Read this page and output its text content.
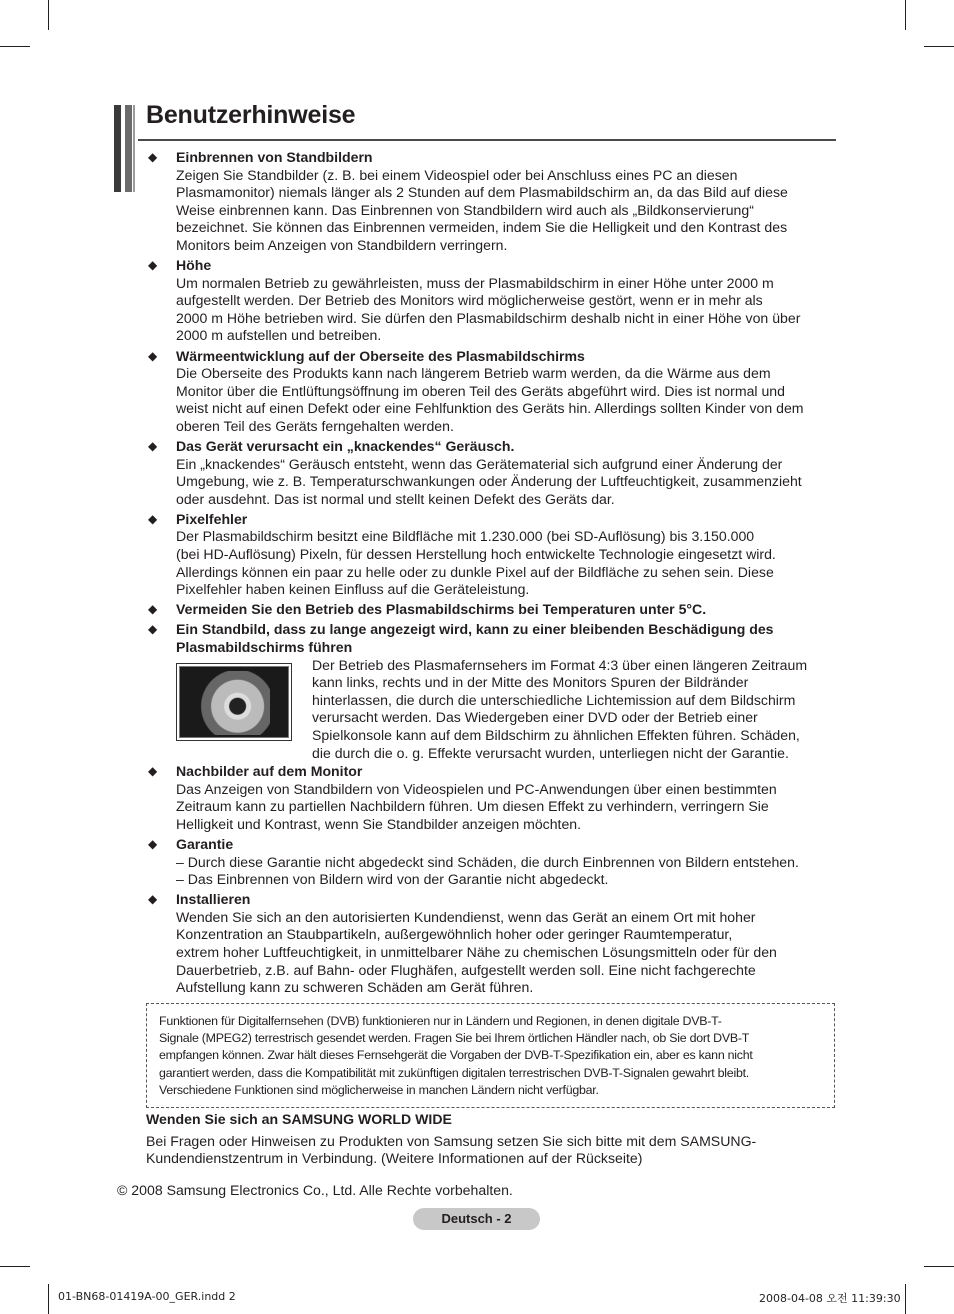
Benutzerhinweise
◆ Einbrennen von Standbildern
Zeigen Sie Standbilder (z. B. bei einem Videospiel oder bei Anschluss eines PC an diesen
Plasmamonitor) niemals länger als 2 Stunden auf dem Plasmabildschirm an, da das Bild auf diese
Weise einbrennen kann. Das Einbrennen von Standbildern wird auch als „Bildkonservierung“
bezeichnet. Sie können das Einbrennen vermeiden, indem Sie die Helligkeit und den Kontrast des
Monitors beim Anzeigen von Standbildern verringern.
◆ Höhe
Um normalen Betrieb zu gewährleisten, muss der Plasmabildschirm in einer Höhe unter 2000 m
aufgestellt werden. Der Betrieb des Monitors wird möglicherweise gestört, wenn er in mehr als
2000 m Höhe betrieben wird. Sie dürfen den Plasmabildschirm deshalb nicht in einer Höhe von über
2000 m aufstellen und betreiben.
◆ Wärmeentwicklung auf der Oberseite des Plasmabildschirms
Die Oberseite des Produkts kann nach längerem Betrieb warm werden, da die Wärme aus dem
Monitor über die Entlüftungsöffnung im oberen Teil des Geräts abgeführt wird. Dies ist normal und
weist nicht auf einen Defekt oder eine Fehlfunktion des Geräts hin. Allerdings sollten Kinder von dem
oberen Teil des Geräts ferngehalten werden.
◆ Das Gerät verursacht ein „knackendes“ Geräusch.
Ein „knackendes“ Geräusch entsteht, wenn das Gerätematerial sich aufgrund einer Änderung der
Umgebung, wie z. B. Temperaturschwankungen oder Änderung der Luftfeuchtigkeit, zusammenzieht
oder ausdehnt. Das ist normal und stellt keinen Defekt des Geräts dar.
◆ Pixelfehler
Der Plasmabildschirm besitzt eine Bildfläche mit 1.230.000 (bei SD-Auflösung) bis 3.150.000
(bei HD-Auflösung) Pixeln, für dessen Herstellung hoch entwickelte Technologie eingesetzt wird.
Allerdings können ein paar zu helle oder zu dunkle Pixel auf der Bildfläche zu sehen sein. Diese
Pixelfehler haben keinen Einfluss auf die Geräteleistung.
◆ Vermeiden Sie den Betrieb des Plasmabildschirms bei Temperaturen unter 5°C.
◆ Ein Standbild, dass zu lange angezeigt wird, kann zu einer bleibenden Beschädigung des Plasmabildschirms führen
Der Betrieb des Plasmafernsehers im Format 4:3 über einen längeren Zeitraum
kann links, rechts und in der Mitte des Monitors Spuren der Bildränder
hinterlassen, die durch die unterschiedliche Lichtemission auf dem Bildschirm
verursacht werden. Das Wiedergeben einer DVD oder der Betrieb einer
Spielkonsole kann auf dem Bildschirm zu ähnlichen Effekten führen. Schäden,
die durch die o. g. Effekte verursacht wurden, unterliegen nicht der Garantie.
◆ Nachbilder auf dem Monitor
Das Anzeigen von Standbildern von Videospielen und PC-Anwendungen über einen bestimmten
Zeitraum kann zu partiellen Nachbildern führen. Um diesen Effekt zu verhindern, verringern Sie
Helligkeit und Kontrast, wenn Sie Standbilder anzeigen möchten.
◆ Garantie
– Durch diese Garantie nicht abgedeckt sind Schäden, die durch Einbrennen von Bildern entstehen.
– Das Einbrennen von Bildern wird von der Garantie nicht abgedeckt.
◆ Installieren
Wenden Sie sich an den autorisierten Kundendienst, wenn das Gerät an einem Ort mit hoher
Konzentration an Staubpartikeln, außergewöhnlich hoher oder geringer Raumtemperatur,
extrem hoher Luftfeuchtigkeit, in unmittelbarer Nähe zu chemischen Lösungsmitteln oder für den
Dauerbetrieb, z.B. auf Bahn- oder Flughäfen, aufgestellt werden soll. Eine nicht fachgerechte
Aufstellung kann zu schweren Schäden am Gerät führen.
Funktionen für Digitalfernsehen (DVB) funktionieren nur in Ländern und Regionen, in denen digitale DVB-T-
Signale (MPEG2) terrestrisch gesendet werden. Fragen Sie bei Ihrem örtlichen Händler nach, ob Sie dort DVB-T
empfangen können. Zwar hält dieses Fernsehgerät die Vorgaben der DVB-T-Spezifikation ein, aber es kann nicht
garantiert werden, dass die Kompatibilität mit zukünftigen digitalen terrestrischen DVB-T-Signalen gewahrt bleibt.
Verschiedene Funktionen sind möglicherweise in manchen Ländern nicht verfügbar.
Wenden Sie sich an SAMSUNG WORLD WIDE
Bei Fragen oder Hinweisen zu Produkten von Samsung setzen Sie sich bitte mit dem SAMSUNG-
Kundendienstzentrum in Verbindung. (Weitere Informationen auf der Rückseite)
© 2008 Samsung Electronics Co., Ltd. Alle Rechte vorbehalten.
Deutsch - 2
01-BN68-01419A-00_GER.indd 2	2008-04-08 오전 11:39:30
